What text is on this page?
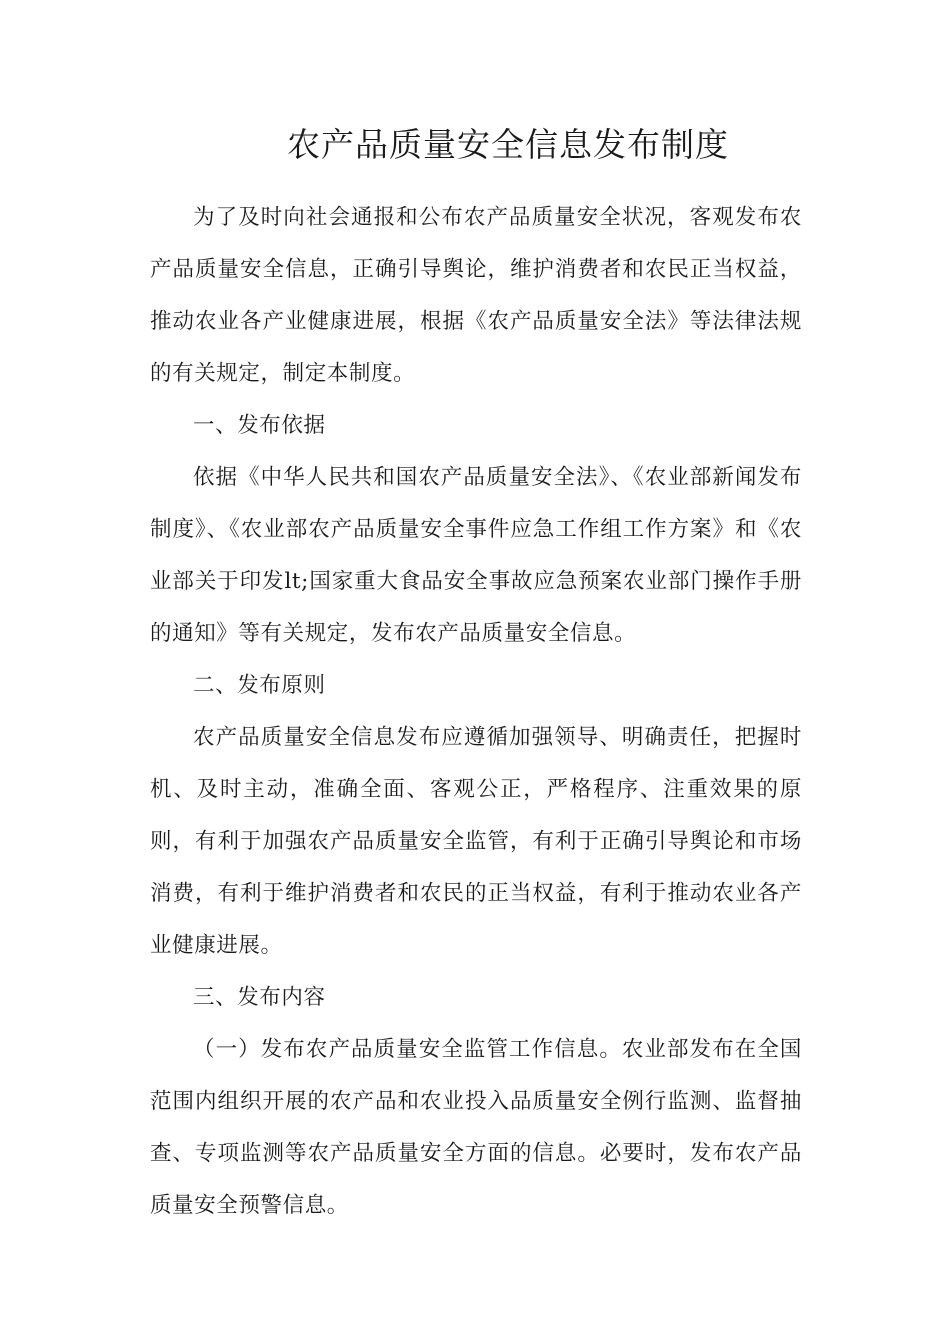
农产品质量安全信息发布制度

为了及时向社会通报和公布农产品质量安全状况，客观发布农产品质量安全信息，正确引导舆论，维护消费者和农民正当权益，推动农业各产业健康进展，根据《农产品质量安全法》等法律法规的有关规定，制定本制度。

一、发布依据

依据《中华人民共和国农产品质量安全法》、《农业部新闻发布制度》、《农业部农产品质量安全事件应急工作组工作方案》和《农业部关于印发lt;国家重大食品安全事故应急预案农业部门操作手册的通知》等有关规定，发布农产品质量安全信息。

二、发布原则

农产品质量安全信息发布应遵循加强领导、明确责任，把握时机、及时主动，准确全面、客观公正，严格程序、注重效果的原则，有利于加强农产品质量安全监管，有利于正确引导舆论和市场消费，有利于维护消费者和农民的正当权益，有利于推动农业各产业健康进展。

三、发布内容

（一）发布农产品质量安全监管工作信息。农业部发布在全国范围内组织开展的农产品和农业投入品质量安全例行监测、监督抽查、专项监测等农产品质量安全方面的信息。必要时，发布农产品质量安全预警信息。
